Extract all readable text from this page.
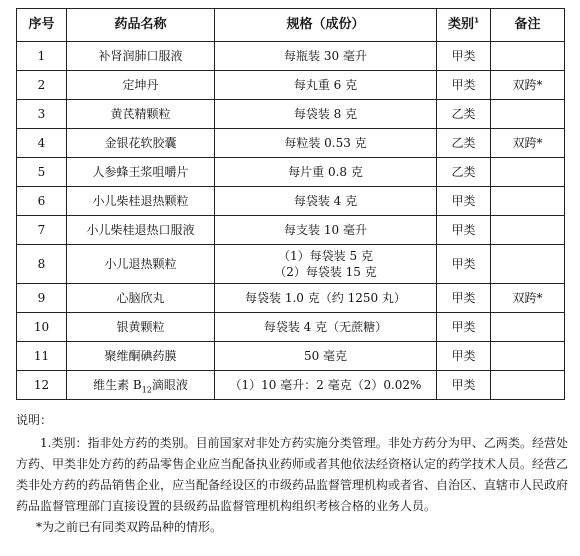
序号	药品名称	规格（成份）	类别$^1$	备注
1	补肾润肺口服液	每瓶装 30 毫升	甲类	
2	定坤丹	每丸重 6 克	甲类	双跨*
3	黄芪精颗粒	每袋装 8 克	乙类	
4	金银花软胶囊	每粒装 0.53 克	乙类	双跨*
5	人参蜂王浆咀嚼片	每片重 0.8 克	乙类	
6	小儿柴桂退热颗粒	每袋装 4 克	甲类	
7	小儿柴桂退热口服液	每支装 10 毫升	甲类	
8	小儿退热颗粒	（1）每袋装 5 克
（2）每袋装 15 克	甲类	
9	心脑欣丸	每袋装 1.0 克（约 1250 丸）	甲类	双跨*
10	银黄颗粒	每袋装 4 克（无蔗糖）	甲类	
11	聚维酮碘药膜	50 毫克	甲类	
12	维生素 $B_{12}$滴眼液	（1）10 毫升：2 毫克（2）0.02%	甲类	

说明：

1.类别：指非处方药的类别。目前国家对非处方药实施分类管理。非处方药分为甲、乙两类。经营处方药、甲类非处方药的药品零售企业应当配备执业药师或者其他依法经资格认定的药学技术人员。经营乙类非处方药的药品销售企业，应当配备经设区的市级药品监督管理机构或者省、自治区、直辖市人民政府药品监督管理部门直接设置的县级药品监督管理机构组织考核合格的业务人员。

*为之前已有同类双跨品种的情形。
